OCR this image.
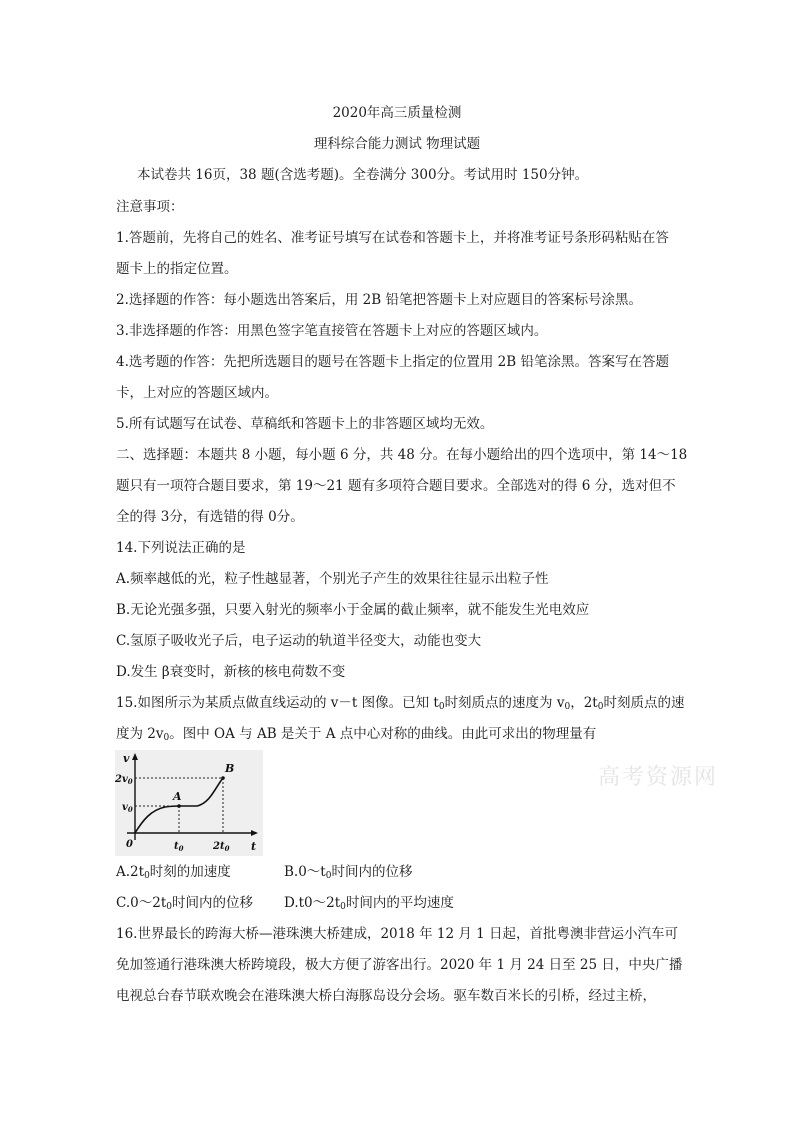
2020年高三质量检测
理科综合能力测试 物理试题
本试卷共 16页，38 题(含选考题)。全卷满分 300分。考试用时 150分钟。
注意事项：
1.答题前，先将自己的姓名、准考证号填写在试卷和答题卡上，并将准考证号条形码粘贴在答
题卡上的指定位置。
2.选择题的作答：每小题选出答案后，用 2B 铅笔把答题卡上对应题目的答案标号涂黑。
3.非选择题的作答：用黑色签字笔直接管在答题卡上对应的答题区域内。
4.选考题的作答：先把所选题目的题号在答题卡上指定的位置用 2B 铅笔涂黑。答案写在答题
卡，上对应的答题区域内。
5.所有试题写在试卷、草稿纸和答题卡上的非答题区域均无效。
二、选择题：本题共 8 小题，每小题 6 分，共 48 分。在每小题给出的四个选项中，第 14～18
题只有一项符合题目要求，第 19～21 题有多项符合题目要求。全部选对的得 6 分，选对但不
全的得 3分，有选错的得 0分。
14.下列说法正确的是
A.频率越低的光，粒子性越显著，个别光子产生的效果往往显示出粒子性
B.无论光强多强，只要入射光的频率小于金属的截止频率，就不能发生光电效应
C.氢原子吸收光子后，电子运动的轨道半径变大，动能也变大
D.发生 β衰变时，新核的核电荷数不变
15.如图所示为某质点做直线运动的 v－t 图像。已知 $t_0$时刻质点的速度为 $v_0$，$2t_0$时刻质点的速
度为 $2v_0$。图中 OA 与 AB 是关于 A 点中心对称的曲线。由此可求出的物理量有
v
t
0
$2v_0$
$v_0$
$t_0$	$2t_0$
A
B	高考资源网
$A.2t_0$时刻的加速度	$B.0\sim t_0$时间内的位移
$C.0\sim 2t_0$时间内的位移 $D.t0\sim 2t_0$时间内的平均速度
16.世界最长的跨海大桥—港珠澳大桥建成，2018 年 12 月 1 日起，首批粤澳非营运小汽车可
免加签通行港珠澳大桥跨境段，极大方便了游客出行。2020 年 1 月 24 日至 25 日，中央广播
电视总台春节联欢晚会在港珠澳大桥白海豚岛设分会场。驱车数百米长的引桥，经过主桥，
